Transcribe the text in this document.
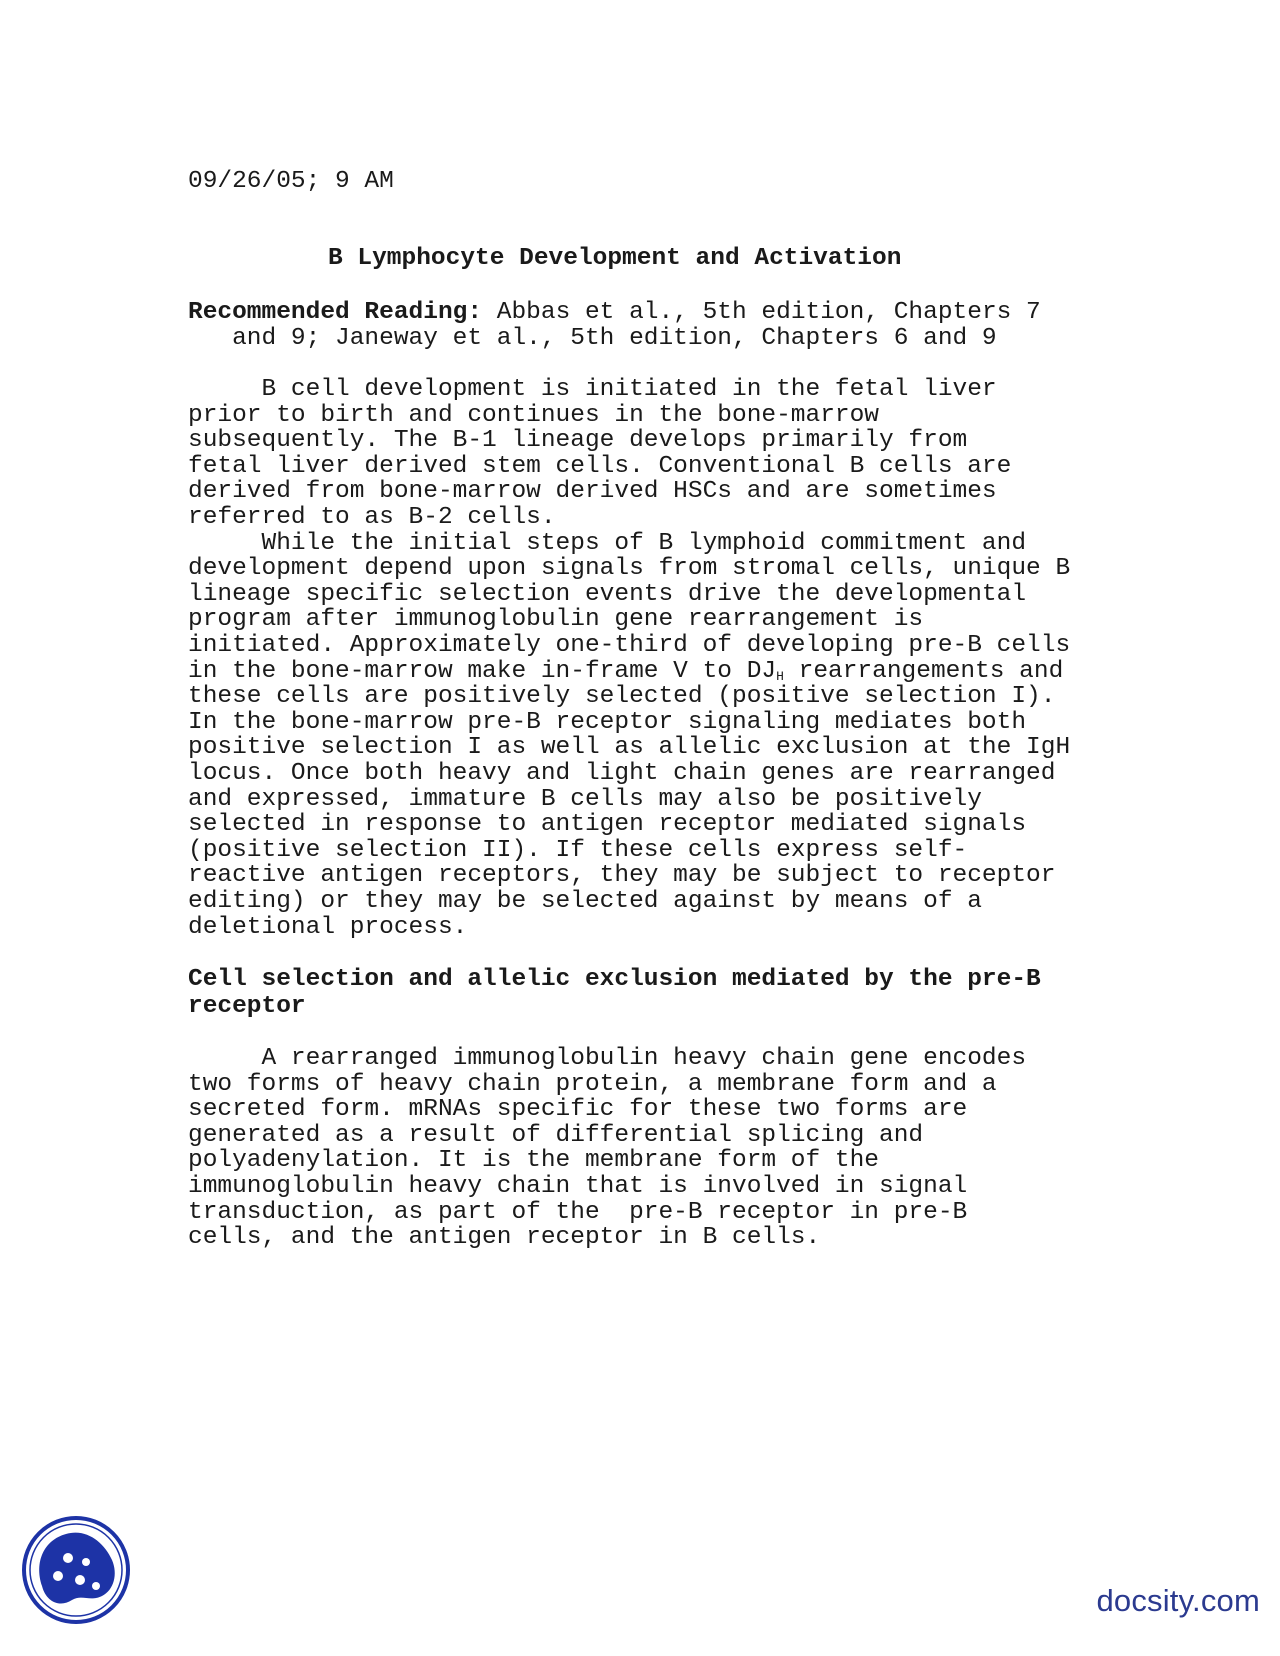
09/26/05; 9 AM
B Lymphocyte Development and Activation
Recommended Reading: Abbas et al., 5th edition, Chapters 7
and 9; Janeway et al., 5th edition, Chapters 6 and 9
B cell development is initiated in the fetal liver
prior to birth and continues in the bone-marrow
subsequently. The B-1 lineage develops primarily from
fetal liver derived stem cells. Conventional B cells are
derived from bone-marrow derived HSCs and are sometimes
referred to as B-2 cells.
While the initial steps of B lymphoid commitment and
development depend upon signals from stromal cells, unique B
lineage specific selection events drive the developmental
program after immunoglobulin gene rearrangement is
initiated. Approximately one-third of developing pre-B cells
in the bone-marrow make in-frame V to $DJ_H$ rearrangements and
these cells are positively selected (positive selection I).
In the bone-marrow pre-B receptor signaling mediates both
positive selection I as well as allelic exclusion at the IgH
locus. Once both heavy and light chain genes are rearranged
and expressed, immature B cells may also be positively
selected in response to antigen receptor mediated signals
(positive selection II). If these cells express self-
reactive antigen receptors, they may be subject to receptor
editing) or they may be selected against by means of a
deletional process.
Cell selection and allelic exclusion mediated by the pre-B
receptor
A rearranged immunoglobulin heavy chain gene encodes
two forms of heavy chain protein, a membrane form and a
secreted form. mRNAs specific for these two forms are
generated as a result of differential splicing and
polyadenylation. It is the membrane form of the
immunoglobulin heavy chain that is involved in signal
transduction, as part of the  pre-B receptor in pre-B
cells, and the antigen receptor in B cells.
docsity.com
